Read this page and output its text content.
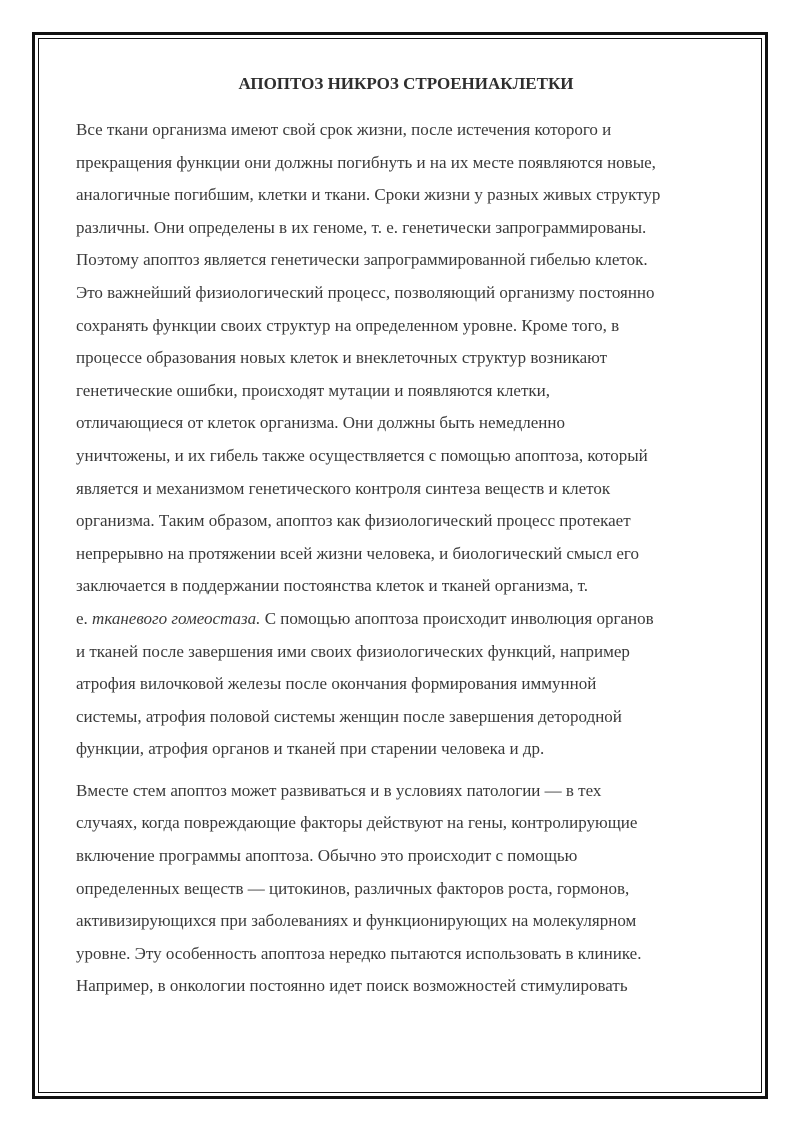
АПОПТОЗ НИКРОЗ СТРОЕНИАКЛЕТКИ
Все ткани организма имеют свой срок жизни, после истечения которого и
прекращения функции они должны погибнуть и на их месте появляются новые,
аналогичные погибшим, клетки и ткани. Сроки жизни у разных живых структур
различны. Они определены в их геноме, т. е. генетически запрограммированы.
Поэтому апоптоз является генетически запрограммированной гибелью клеток.
Это важнейший физиологический процесс, позволяющий организму постоянно
сохранять функции своих структур на определенном уровне. Кроме того, в
процессе образования новых клеток и внеклеточных структур возникают
генетические ошибки, происходят мутации и появляются клетки,
отличающиеся от клеток организма. Они должны быть немедленно
уничтожены, и их гибель также осуществляется с помощью апоптоза, который
является и механизмом генетического контроля синтеза веществ и клеток
организма. Таким образом, апоптоз как физиологический процесс протекает
непрерывно на протяжении всей жизни человека, и биологический смысл его
заключается в поддержании постоянства клеток и тканей организма, т.
е. тканевого гомеостаза. С помощью апоптоза происходит инволюция органов
и тканей после завершения ими своих физиологических функций, например
атрофия вилочковой железы после окончания формирования иммунной
системы, атрофия половой системы женщин после завершения детородной
функции, атрофия органов и тканей при старении человека и др.
Вместе стем апоптоз может развиваться и в условиях патологии — в тех
случаях, когда повреждающие факторы действуют на гены, контролирующие
включение программы апоптоза. Обычно это происходит с помощью
определенных веществ — цитокинов, различных факторов роста, гормонов,
активизирующихся при заболеваниях и функционирующих на молекулярном
уровне. Эту особенность апоптоза нередко пытаются использовать в клинике.
Например, в онкологии постоянно идет поиск возможностей стимулировать
